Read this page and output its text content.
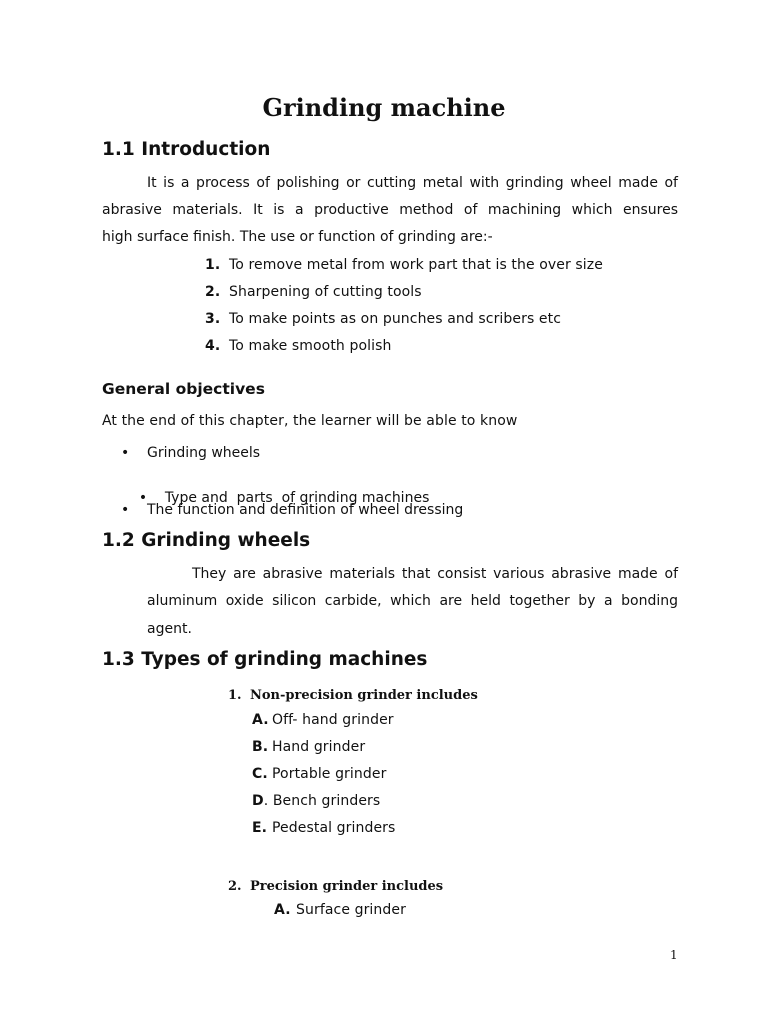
Grinding machine
1.1 Introduction
It is a process of polishing or cutting metal with grinding wheel made of
abrasive materials. It is a productive method of machining which ensures
high surface finish. The use or function of grinding are:-
1. To remove metal from work part that is the over size
2. Sharpening of cutting tools
3. To make points as on punches and scribers etc
4. To make smooth polish
General objectives
At the end of this chapter, the learner will be able to know
• Grinding wheels

• Type and  parts  of grinding machines

• The function and definition of wheel dressing
1.2 Grinding wheels
They are abrasive materials that consist various abrasive made of
aluminum oxide silicon carbide, which are held together by a bonding
agent.
1.3 Types of grinding machines
1. Non-precision grinder includes
A. Off- hand grinder
B. Hand grinder
C. Portable grinder
D. Bench grinders
E. Pedestal grinders
2. Precision grinder includes
A. Surface grinder
1
